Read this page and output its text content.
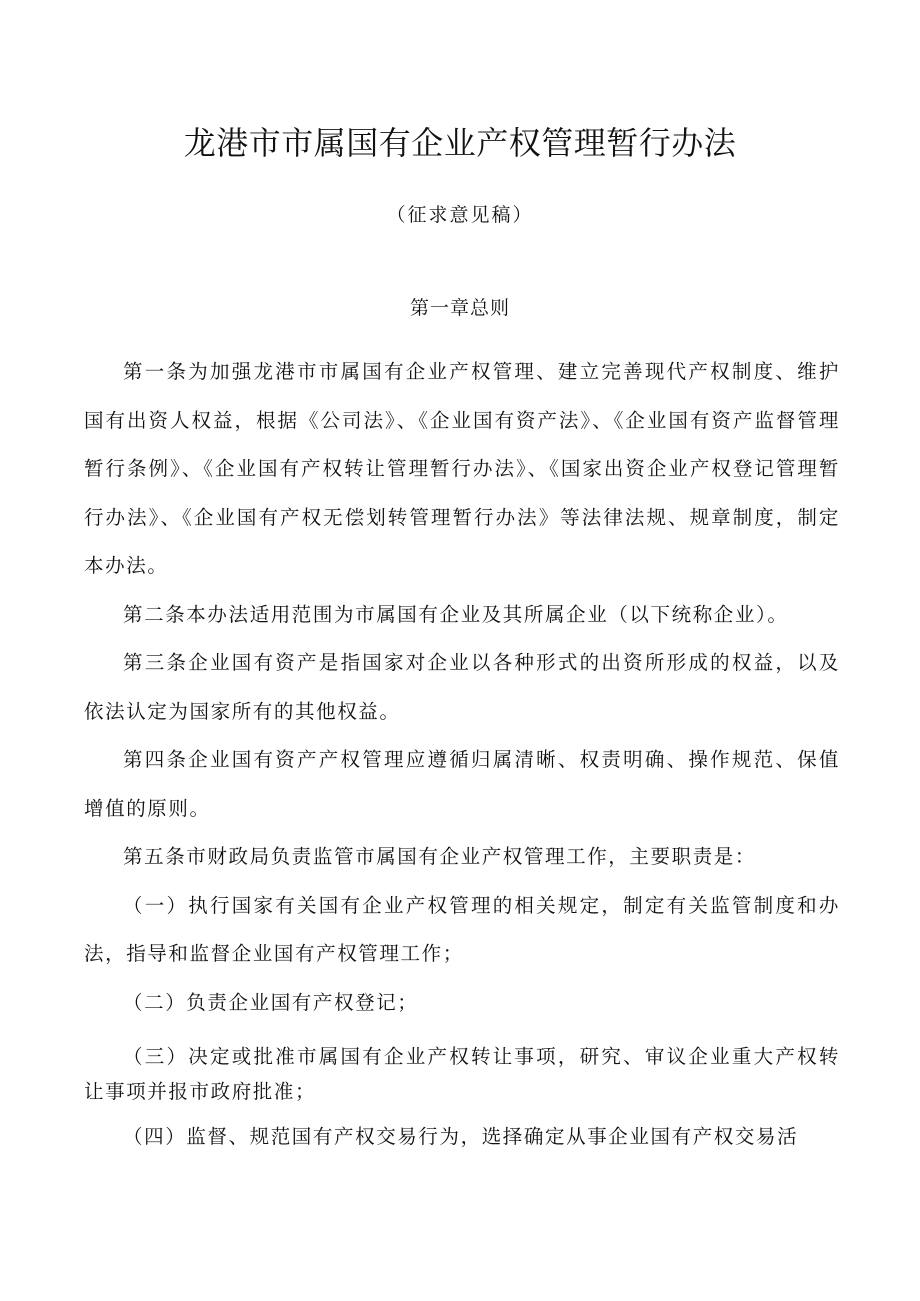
龙港市市属国有企业产权管理暂行办法
（征求意见稿）
第一章总则

第一条为加强龙港市市属国有企业产权管理、建立完善现代产权制度、维护国有出资人权益，根据《公司法》、《企业国有资产法》、《企业国有资产监督管理暂行条例》、《企业国有产权转让管理暂行办法》、《国家出资企业产权登记管理暂行办法》、《企业国有产权无偿划转管理暂行办法》等法律法规、规章制度，制定本办法。

第二条本办法适用范围为市属国有企业及其所属企业（以下统称企业）。

第三条企业国有资产是指国家对企业以各种形式的出资所形成的权益，以及依法认定为国家所有的其他权益。

第四条企业国有资产产权管理应遵循归属清晰、权责明确、操作规范、保值增值的原则。

第五条市财政局负责监管市属国有企业产权管理工作，主要职责是：

（一）执行国家有关国有企业产权管理的相关规定，制定有关监管制度和办法，指导和监督企业国有产权管理工作；

（二）负责企业国有产权登记；

（三）决定或批准市属国有企业产权转让事项，研究、审议企业重大产权转让事项并报市政府批准；

（四）监督、规范国有产权交易行为，选择确定从事企业国有产权交易活
